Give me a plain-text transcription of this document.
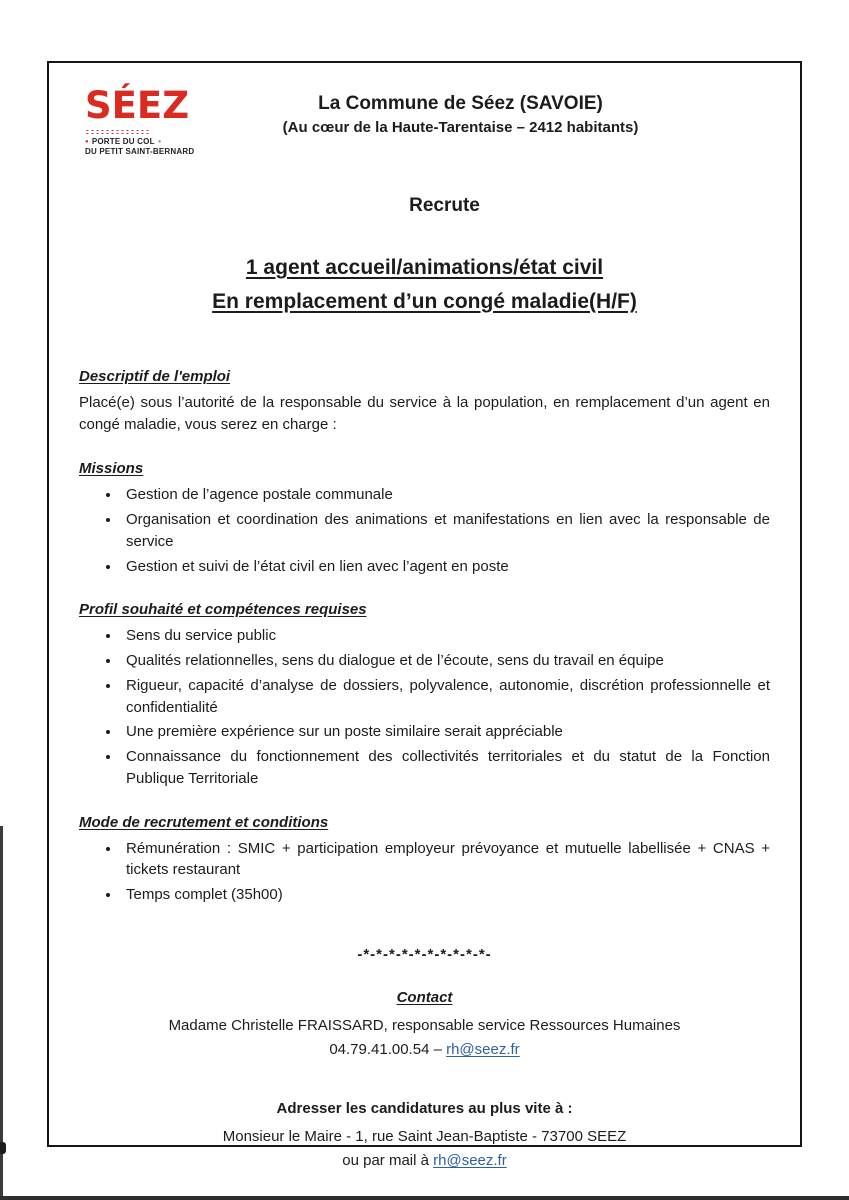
SÉEZ
● PORTE DU COL ●
DU PETIT SAINT-BERNARD
La Commune de Séez (SAVOIE)
(Au cœur de la Haute-Tarentaise – 2412 habitants)
Recrute
1 agent accueil/animations/état civil
En remplacement d’un congé maladie(H/F)
Descriptif de l'emploi

Placé(e) sous l’autorité de la responsable du service à la population, en remplacement d’un agent en congé maladie, vous serez en charge :

Missions
• Gestion de l’agence postale communale
• Organisation et coordination des animations et manifestations en lien avec la responsable de service
• Gestion et suivi de l’état civil en lien avec l’agent en poste
Profil souhaité et compétences requises
• Sens du service public
• Qualités relationnelles, sens du dialogue et de l’écoute, sens du travail en équipe
• Rigueur, capacité d’analyse de dossiers, polyvalence, autonomie, discrétion professionnelle et confidentialité
• Une première expérience sur un poste similaire serait appréciable
• Connaissance du fonctionnement des collectivités territoriales et du statut de la Fonction Publique Territoriale
Mode de recrutement et conditions
• Rémunération : SMIC + participation employeur prévoyance et mutuelle labellisée + CNAS + tickets restaurant
• Temps complet (35h00)
-*-*-*-*-*-*-*-*-*-*-
Contact
Madame Christelle FRAISSARD, responsable service Ressources Humaines
04.79.41.00.54 – rh@seez.fr
Adresser les candidatures au plus vite à :
Monsieur le Maire - 1, rue Saint Jean-Baptiste - 73700 SEEZ
ou par mail à rh@seez.fr
